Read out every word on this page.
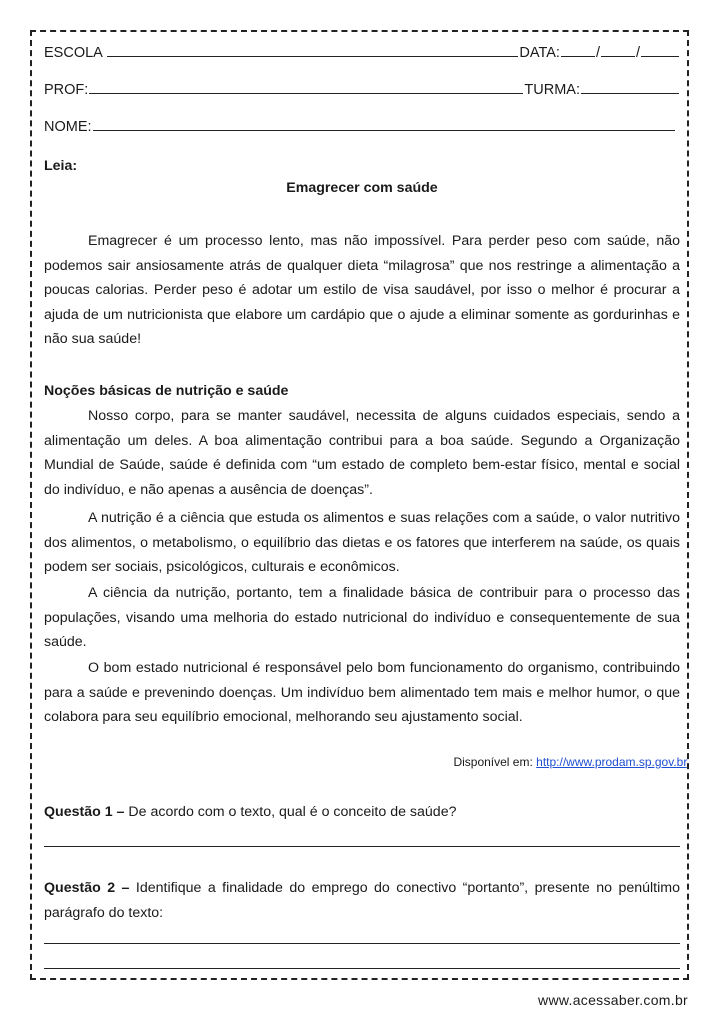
ESCOLA	DATA: / /
PROF:	TURMA:
NOME:
Leia:
Emagrecer com saúde
Emagrecer é um processo lento, mas não impossível. Para perder peso com saúde, não podemos sair ansiosamente atrás de qualquer dieta “milagrosa” que nos restringe a alimentação a poucas calorias. Perder peso é adotar um estilo de visa saudável, por isso o melhor é procurar a ajuda de um nutricionista que elabore um cardápio que o ajude a eliminar somente as gordurinhas e não sua saúde!
Noções básicas de nutrição e saúde
Nosso corpo, para se manter saudável, necessita de alguns cuidados especiais, sendo a alimentação um deles. A boa alimentação contribui para a boa saúde. Segundo a Organização Mundial de Saúde, saúde é definida com “um estado de completo bem-estar físico, mental e social do indivíduo, e não apenas a ausência de doenças”.
A nutrição é a ciência que estuda os alimentos e suas relações com a saúde, o valor nutritivo dos alimentos, o metabolismo, o equilíbrio das dietas e os fatores que interferem na saúde, os quais podem ser sociais, psicológicos, culturais e econômicos.
A ciência da nutrição, portanto, tem a finalidade básica de contribuir para o processo das populações, visando uma melhoria do estado nutricional do indivíduo e consequentemente de sua saúde.
O bom estado nutricional é responsável pelo bom funcionamento do organismo, contribuindo para a saúde e prevenindo doenças. Um indivíduo bem alimentado tem mais e melhor humor, o que colabora para seu equilíbrio emocional, melhorando seu ajustamento social.
Disponível em: http://www.prodam.sp.gov.br.
Questão 1 – De acordo com o texto, qual é o conceito de saúde?
Questão 2 – Identifique a finalidade do emprego do conectivo “portanto”, presente no penúltimo parágrafo do texto:
www.acessaber.com.br
